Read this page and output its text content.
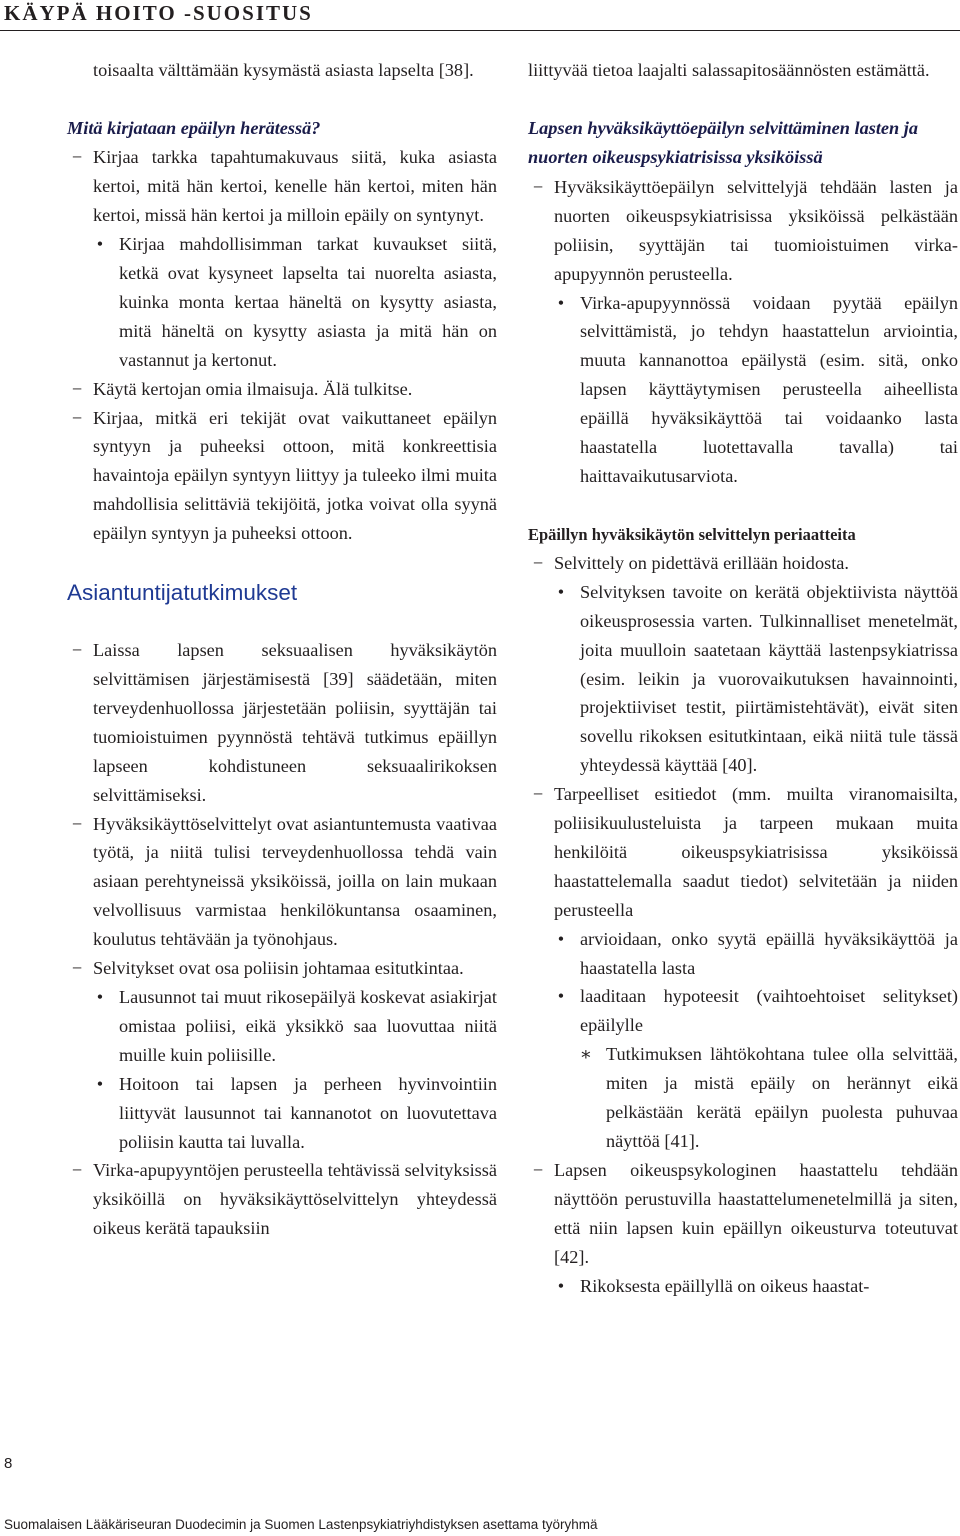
KÄYPÄ HOITO -SUOSITUS

toisaalta välttämään kysymästä asiasta lapselta [38].

Mitä kirjataan epäilyn herätessä?

− Kirjaa tarkka tapahtumakuvaus siitä, kuka asiasta kertoi, mitä hän kertoi, kenelle hän kertoi, miten hän kertoi, missä hän kertoi ja milloin epäily on syntynyt.
• Kirjaa mahdollisimman tarkat kuvaukset siitä, ketkä ovat kysyneet lapselta tai nuorelta asiasta, kuinka monta kertaa häneltä on kysytty asiasta, mitä häneltä on kysytty asiasta ja mitä hän on vastannut ja kertonut.
− Käytä kertojan omia ilmaisuja. Älä tulkitse.
− Kirjaa, mitkä eri tekijät ovat vaikuttaneet epäilyn syntyyn ja puheeksi ottoon, mitä konkreettisia havaintoja epäilyn syntyyn liittyy ja tuleeko ilmi muita mahdollisia selittäviä tekijöitä, jotka voivat olla syynä epäilyn syntyyn ja puheeksi ottoon.
Asiantuntijatutkimukset
− Laissa lapsen seksuaalisen hyväksikäytön selvittämisen järjestämisestä [39] säädetään, miten terveydenhuollossa järjestetään poliisin, syyttäjän tai tuomioistuimen pyynnöstä tehtävä tutkimus epäillyn lapseen kohdistuneen seksuaalirikoksen selvittämiseksi.
− Hyväksikäyttöselvittelyt ovat asiantuntemusta vaativaa työtä, ja niitä tulisi terveydenhuollossa tehdä vain asiaan perehtyneissä yksiköissä, joilla on lain mukaan velvollisuus varmistaa henkilökuntansa osaaminen, koulutus tehtävään ja työnohjaus.
− Selvitykset ovat osa poliisin johtamaa esitutkintaa.
• Lausunnot tai muut rikosepäilyä koskevat asiakirjat omistaa poliisi, eikä yksikkö saa luovuttaa niitä muille kuin poliisille.
• Hoitoon tai lapsen ja perheen hyvinvointiin liittyvät lausunnot tai kannanotot on luovutettava poliisin kautta tai luvalla.
− Virka-apupyyntöjen perusteella tehtävissä selvityksissä yksiköillä on hyväksikäyttöselvittelyn yhteydessä oikeus kerätä tapauksiin

liittyvää tietoa laajalti salassapitosäännösten estämättä.

Lapsen hyväksikäyttöepäilyn selvittäminen lasten ja nuorten oikeuspsykiatrisissa yksiköissä

− Hyväksikäyttöepäilyn selvittelyjä tehdään lasten ja nuorten oikeuspsykiatrisissa yksiköissä pelkästään poliisin, syyttäjän tai tuomioistuimen virka-apupyynnön perusteella.
• Virka-apupyynnössä voidaan pyytää epäilyn selvittämistä, jo tehdyn haastattelun arviointia, muuta kannanottoa epäilystä (esim. sitä, onko lapsen käyttäytymisen perusteella aiheellista epäillä hyväksikäyttöä tai voidaanko lasta haastatella luotettavalla tavalla) tai haittavaikutusarviota.

Epäillyn hyväksikäytön selvittelyn periaatteita

− Selvittely on pidettävä erillään hoidosta.
• Selvityksen tavoite on kerätä objektiivista näyttöä oikeusprosessia varten. Tulkinnalliset menetelmät, joita muulloin saatetaan käyttää lastenpsykiatrissa (esim. leikin ja vuorovaikutuksen havainnointi, projektiiviset testit, piirtämistehtävät), eivät siten sovellu rikoksen esitutkintaan, eikä niitä tule tässä yhteydessä käyttää [40].
− Tarpeelliset esitiedot (mm. muilta viranomaisilta, poliisikuulusteluista ja tarpeen mukaan muita henkilöitä oikeuspsykiatrisissa yksiköissä haastattelemalla saadut tiedot) selvitetään ja niiden perusteella
• arvioidaan, onko syytä epäillä hyväksikäyttöä ja haastatella lasta
• laaditaan hypoteesit (vaihtoehtoiset selitykset) epäilylle
∗ Tutkimuksen lähtökohtana tulee olla selvittää, miten ja mistä epäily on herännyt eikä pelkästään kerätä epäilyn puolesta puhuvaa näyttöä [41].
− Lapsen oikeuspsykologinen haastattelu tehdään näyttöön perustuvilla haastattelumenetelmillä ja siten, että niin lapsen kuin epäillyn oikeusturva toteutuvat [42].
• Rikoksesta epäillyllä on oikeus haastat-
8
Suomalaisen Lääkäriseuran Duodecimin ja Suomen Lastenpsykiatriyhdistyksen asettama työryhmä
